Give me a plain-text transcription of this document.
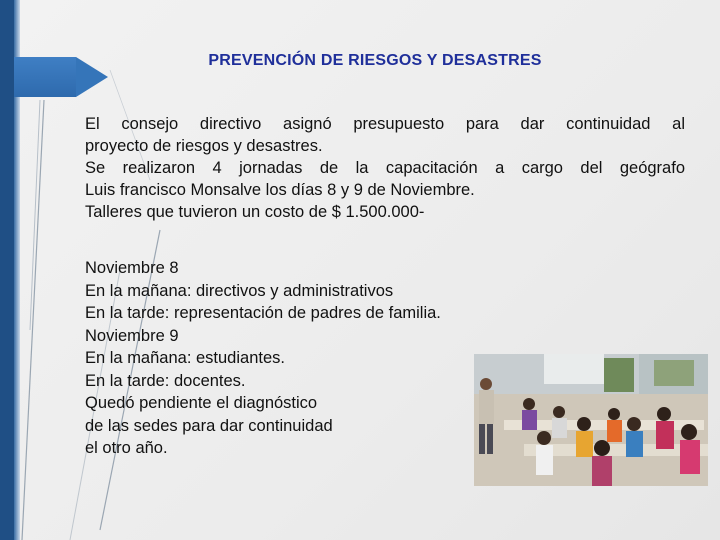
PREVENCIÓN DE RIESGOS Y DESASTRES
El consejo directivo asignó presupuesto para dar continuidad al
proyecto de riesgos y desastres.
Se realizaron 4 jornadas de la capacitación a cargo del geógrafo
Luis francisco Monsalve los días 8 y 9 de Noviembre.
Talleres que tuvieron un costo de $ 1.500.000-
Noviembre 8
En la mañana: directivos y administrativos
En la tarde: representación de padres de familia.
Noviembre 9
En la mañana: estudiantes.
En la tarde: docentes.
Quedó pendiente el diagnóstico
de las sedes para dar continuidad
el otro año.
